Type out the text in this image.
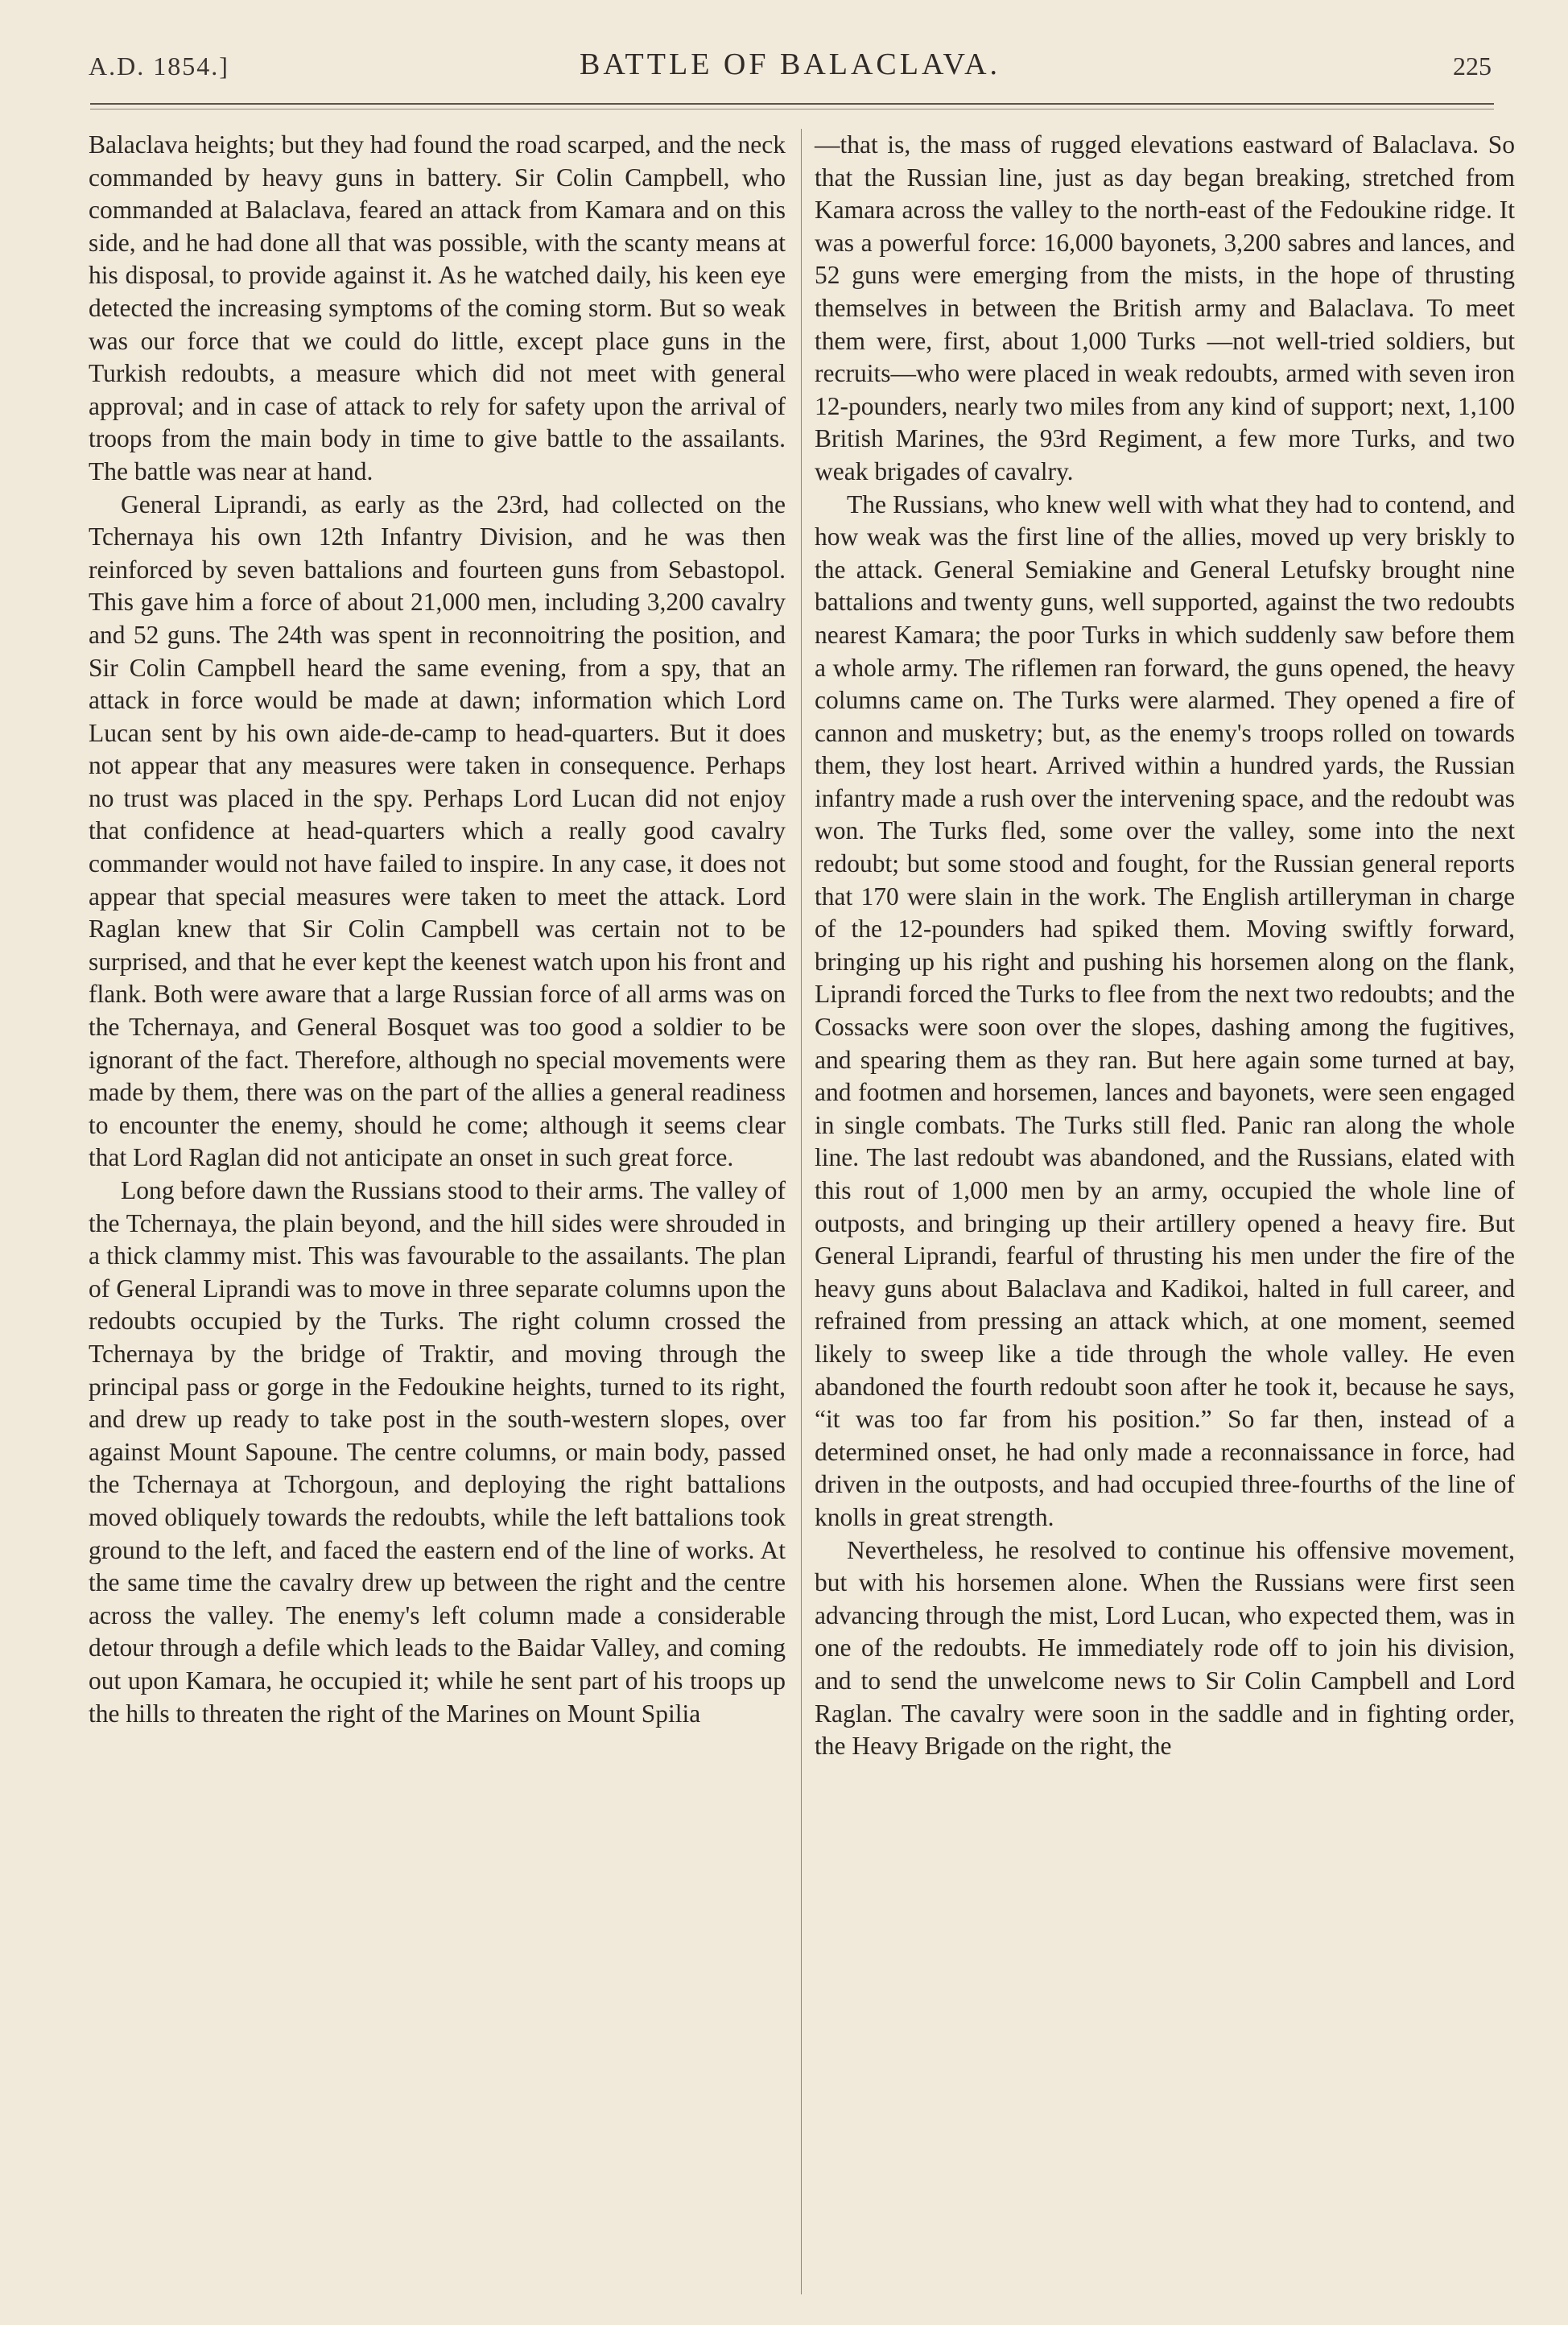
A.D. 1854.]	BATTLE OF BALACLAVA.	225

Balaclava heights; but they had found the road scarped, and the neck commanded by heavy guns in battery. Sir Colin Campbell, who commanded at Balaclava, feared an attack from Kamara and on this side, and he had done all that was possible, with the scanty means at his disposal, to provide against it. As he watched daily, his keen eye detected the increasing symptoms of the coming storm. But so weak was our force that we could do little, except place guns in the Turkish redoubts, a measure which did not meet with general approval; and in case of attack to rely for safety upon the arrival of troops from the main body in time to give battle to the assailants. The battle was near at hand.

General Liprandi, as early as the 23rd, had collected on the Tchernaya his own 12th Infantry Division, and he was then reinforced by seven battalions and fourteen guns from Sebastopol. This gave him a force of about 21,000 men, including 3,200 cavalry and 52 guns. The 24th was spent in reconnoitring the position, and Sir Colin Campbell heard the same evening, from a spy, that an attack in force would be made at dawn; information which Lord Lucan sent by his own aide-de-camp to head-quarters. But it does not appear that any measures were taken in consequence. Perhaps no trust was placed in the spy. Perhaps Lord Lucan did not enjoy that confidence at head-quarters which a really good cavalry commander would not have failed to inspire. In any case, it does not appear that special measures were taken to meet the attack. Lord Raglan knew that Sir Colin Campbell was certain not to be surprised, and that he ever kept the keenest watch upon his front and flank. Both were aware that a large Russian force of all arms was on the Tchernaya, and General Bosquet was too good a soldier to be ignorant of the fact. Therefore, although no special movements were made by them, there was on the part of the allies a general readiness to encounter the enemy, should he come; although it seems clear that Lord Raglan did not anticipate an onset in such great force.

Long before dawn the Russians stood to their arms. The valley of the Tchernaya, the plain beyond, and the hill sides were shrouded in a thick clammy mist. This was favourable to the assailants. The plan of General Liprandi was to move in three separate columns upon the redoubts occupied by the Turks. The right column crossed the Tchernaya by the bridge of Traktir, and moving through the principal pass or gorge in the Fedoukine heights, turned to its right, and drew up ready to take post in the south-western slopes, over against Mount Sapoune. The centre columns, or main body, passed the Tchernaya at Tchorgoun, and deploying the right battalions moved obliquely towards the redoubts, while the left battalions took ground to the left, and faced the eastern end of the line of works. At the same time the cavalry drew up between the right and the centre across the valley. The enemy's left column made a considerable detour through a defile which leads to the Baidar Valley, and coming out upon Kamara, he occupied it; while he sent part of his troops up the hills to threaten the right of the Marines on Mount Spilia

—that is, the mass of rugged elevations eastward of Balaclava. So that the Russian line, just as day began breaking, stretched from Kamara across the valley to the north-east of the Fedoukine ridge. It was a powerful force: 16,000 bayonets, 3,200 sabres and lances, and 52 guns were emerging from the mists, in the hope of thrusting themselves in between the British army and Balaclava. To meet them were, first, about 1,000 Turks —not well-tried soldiers, but recruits—who were placed in weak redoubts, armed with seven iron 12-pounders, nearly two miles from any kind of support; next, 1,100 British Marines, the 93rd Regiment, a few more Turks, and two weak brigades of cavalry.

The Russians, who knew well with what they had to contend, and how weak was the first line of the allies, moved up very briskly to the attack. General Semiakine and General Letufsky brought nine battalions and twenty guns, well supported, against the two redoubts nearest Kamara; the poor Turks in which suddenly saw before them a whole army. The riflemen ran forward, the guns opened, the heavy columns came on. The Turks were alarmed. They opened a fire of cannon and musketry; but, as the enemy's troops rolled on towards them, they lost heart. Arrived within a hundred yards, the Russian infantry made a rush over the intervening space, and the redoubt was won. The Turks fled, some over the valley, some into the next redoubt; but some stood and fought, for the Russian general reports that 170 were slain in the work. The English artilleryman in charge of the 12-pounders had spiked them. Moving swiftly forward, bringing up his right and pushing his horsemen along on the flank, Liprandi forced the Turks to flee from the next two redoubts; and the Cossacks were soon over the slopes, dashing among the fugitives, and spearing them as they ran. But here again some turned at bay, and footmen and horsemen, lances and bayonets, were seen engaged in single combats. The Turks still fled. Panic ran along the whole line. The last redoubt was abandoned, and the Russians, elated with this rout of 1,000 men by an army, occupied the whole line of outposts, and bringing up their artillery opened a heavy fire. But General Liprandi, fearful of thrusting his men under the fire of the heavy guns about Balaclava and Kadikoi, halted in full career, and refrained from pressing an attack which, at one moment, seemed likely to sweep like a tide through the whole valley. He even abandoned the fourth redoubt soon after he took it, because he says, “it was too far from his position.” So far then, instead of a determined onset, he had only made a reconnaissance in force, had driven in the outposts, and had occupied three-fourths of the line of knolls in great strength.

Nevertheless, he resolved to continue his offensive movement, but with his horsemen alone. When the Russians were first seen advancing through the mist, Lord Lucan, who expected them, was in one of the redoubts. He immediately rode off to join his division, and to send the unwelcome news to Sir Colin Campbell and Lord Raglan. The cavalry were soon in the saddle and in fighting order, the Heavy Brigade on the right, the
